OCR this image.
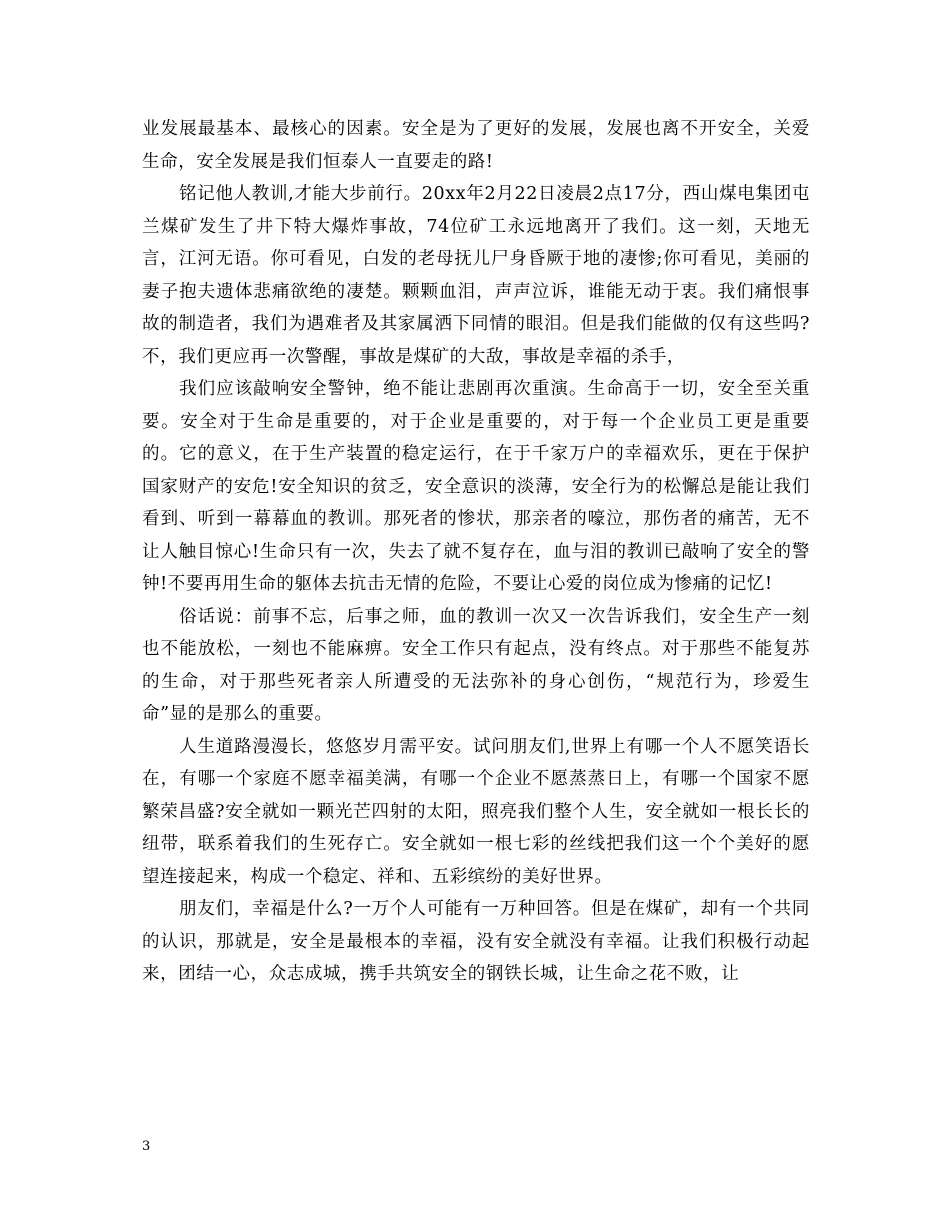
业发展最基本、最核心的因素。安全是为了更好的发展，发展也离不开安全，关爱生命，安全发展是我们恒泰人一直要走的路!

铭记他人教训,才能大步前行。20xx年2月22日凌晨2点17分，西山煤电集团屯兰煤矿发生了井下特大爆炸事故，74位矿工永远地离开了我们。这一刻，天地无言，江河无语。你可看见，白发的老母抚儿尸身昏厥于地的凄惨;你可看见，美丽的妻子抱夫遗体悲痛欲绝的凄楚。颗颗血泪，声声泣诉，谁能无动于衷。我们痛恨事故的制造者，我们为遇难者及其家属洒下同情的眼泪。但是我们能做的仅有这些吗?不，我们更应再一次警醒，事故是煤矿的大敌，事故是幸福的杀手，

我们应该敲响安全警钟，绝不能让悲剧再次重演。生命高于一切，安全至关重要。安全对于生命是重要的，对于企业是重要的，对于每一个企业员工更是重要的。它的意义，在于生产装置的稳定运行，在于千家万户的幸福欢乐，更在于保护国家财产的安危!安全知识的贫乏，安全意识的淡薄，安全行为的松懈总是能让我们看到、听到一幕幕血的教训。那死者的惨状，那亲者的嚎泣，那伤者的痛苦，无不让人触目惊心!生命只有一次，失去了就不复存在，血与泪的教训已敲响了安全的警钟!不要再用生命的躯体去抗击无情的危险，不要让心爱的岗位成为惨痛的记忆!

俗话说：前事不忘，后事之师，血的教训一次又一次告诉我们，安全生产一刻也不能放松，一刻也不能麻痹。安全工作只有起点，没有终点。对于那些不能复苏的生命，对于那些死者亲人所遭受的无法弥补的身心创伤，“规范行为，珍爱生命”显的是那么的重要。

人生道路漫漫长，悠悠岁月需平安。试问朋友们,世界上有哪一个人不愿笑语长在，有哪一个家庭不愿幸福美满，有哪一个企业不愿蒸蒸日上，有哪一个国家不愿繁荣昌盛?安全就如一颗光芒四射的太阳，照亮我们整个人生，安全就如一根长长的纽带，联系着我们的生死存亡。安全就如一根七彩的丝线把我们这一个个美好的愿望连接起来，构成一个稳定、祥和、五彩缤纷的美好世界。

朋友们，幸福是什么?一万个人可能有一万种回答。但是在煤矿，却有一个共同的认识，那就是，安全是最根本的幸福，没有安全就没有幸福。让我们积极行动起来，团结一心，众志成城，携手共筑安全的钢铁长城，让生命之花不败，让

3
